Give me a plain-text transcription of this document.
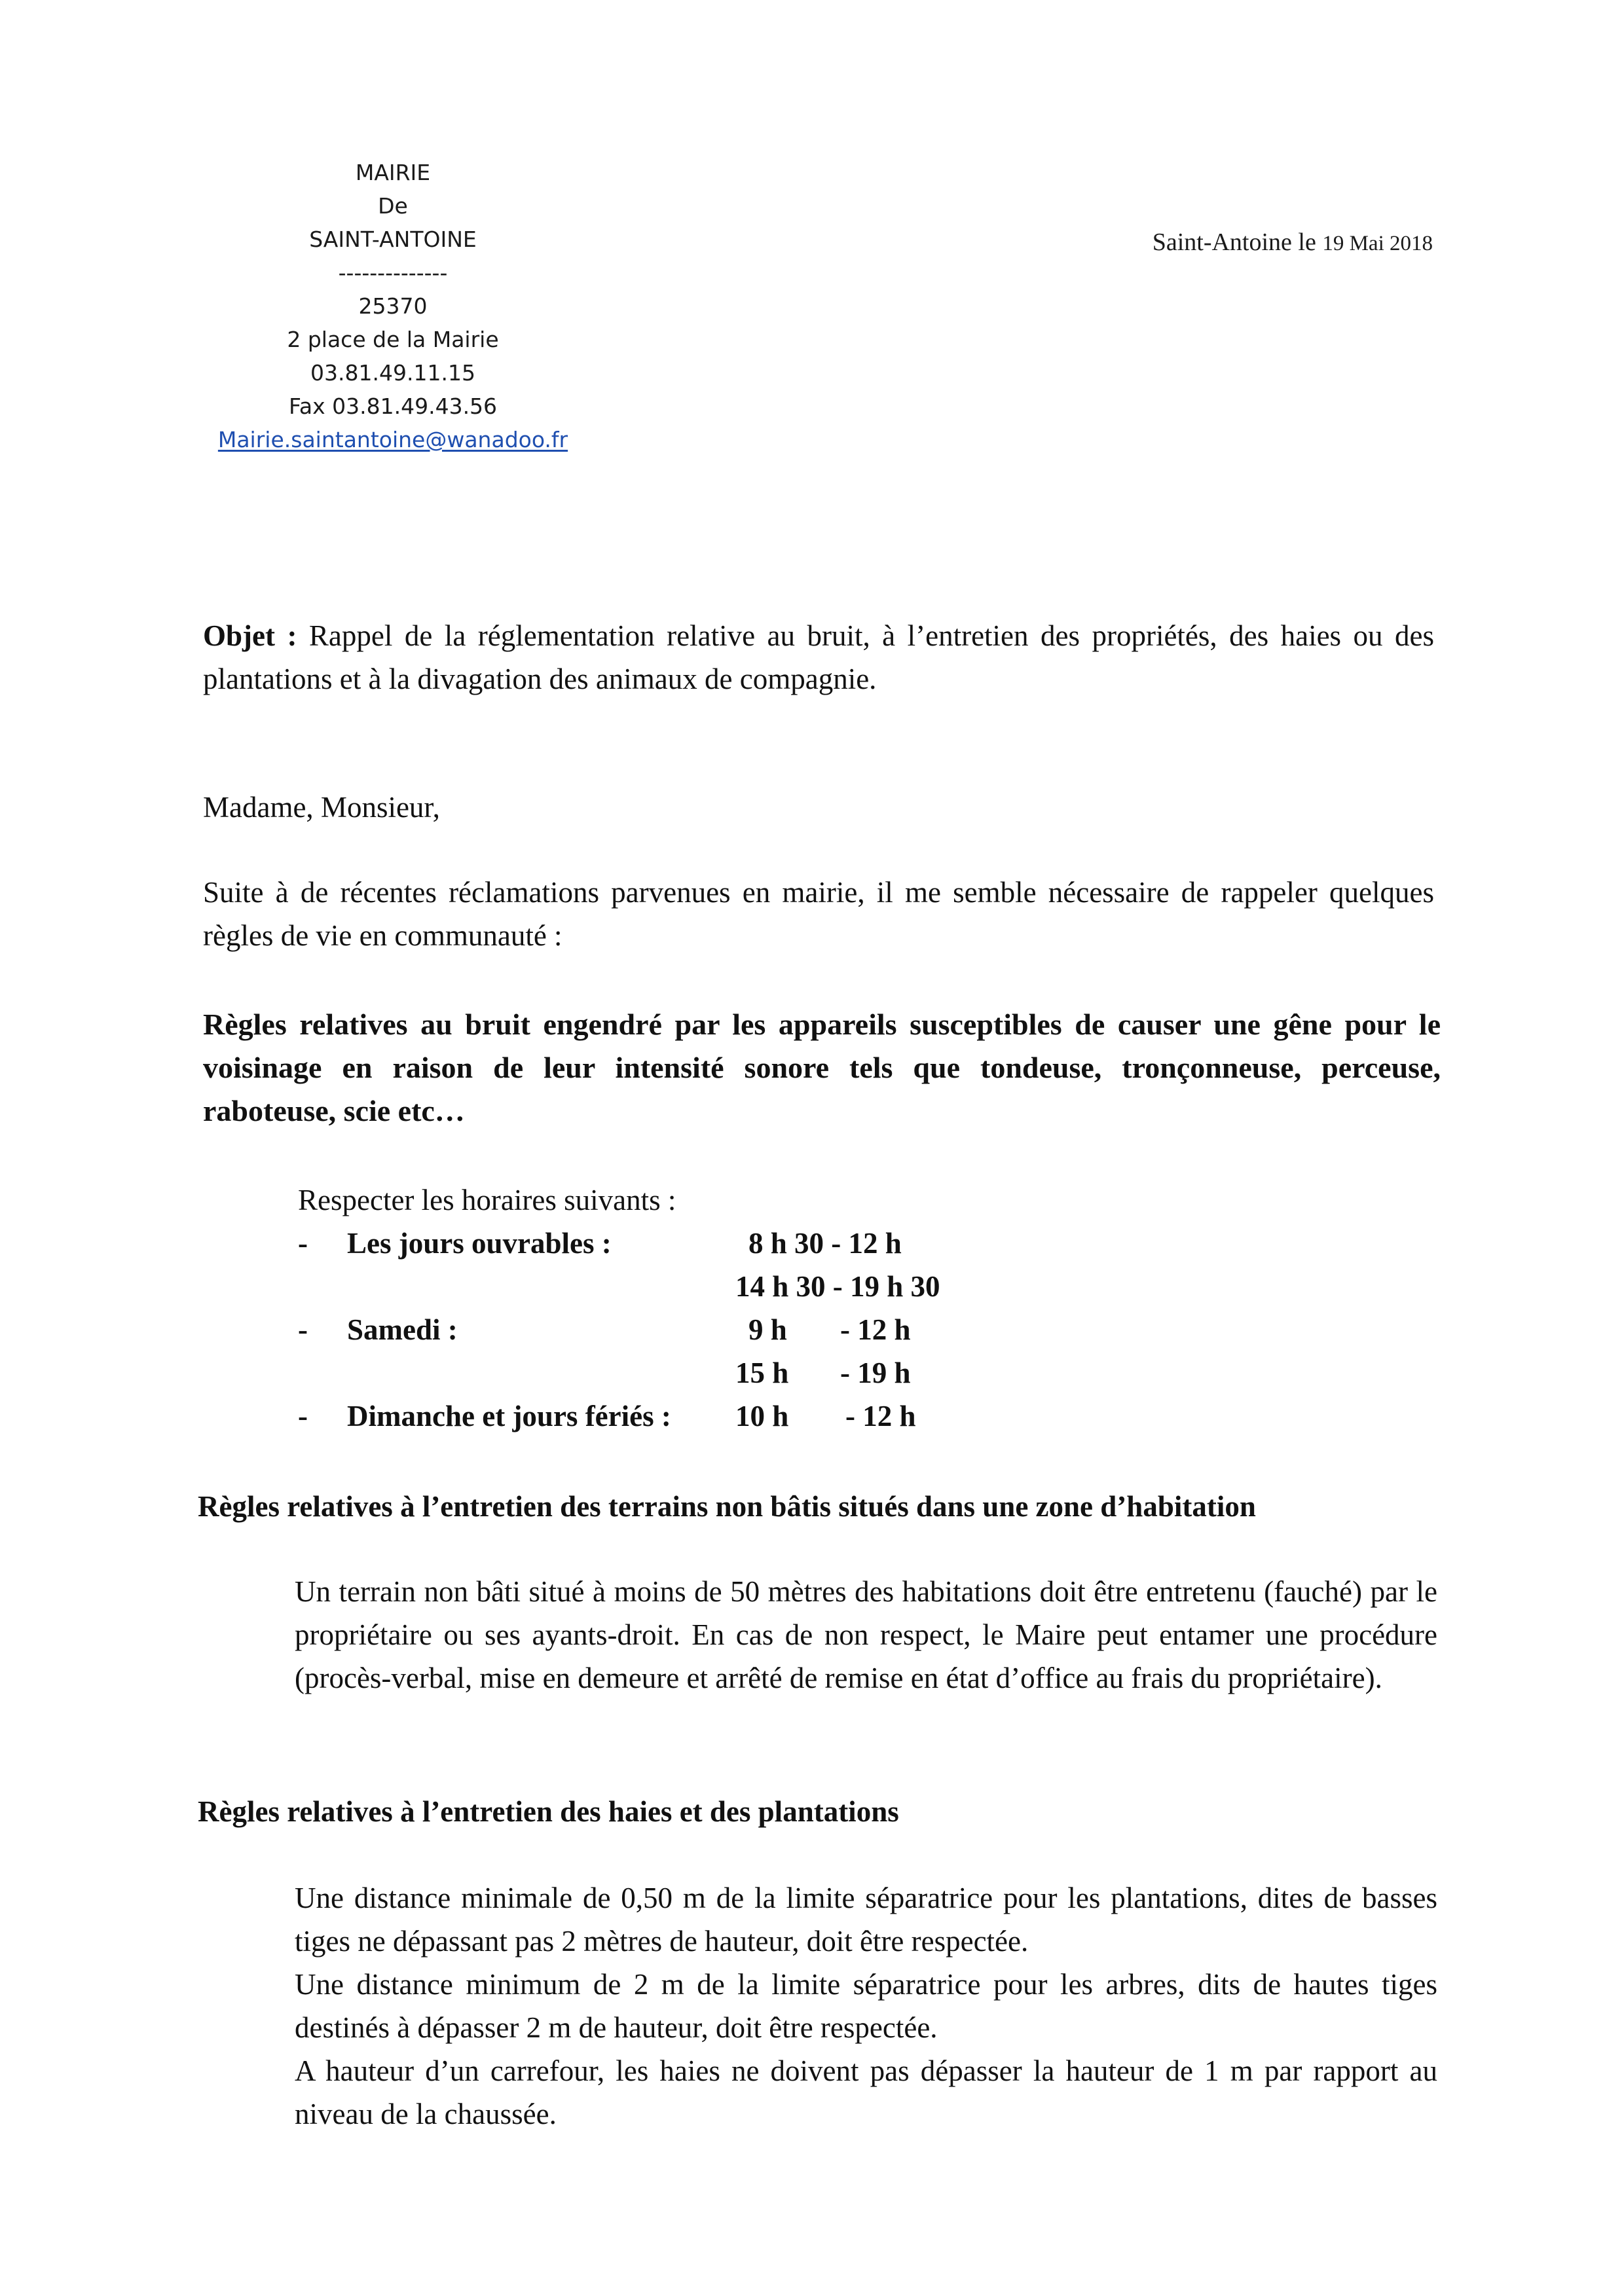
MAIRIE
De
SAINT-ANTOINE
--------------
25370
2 place de la Mairie
03.81.49.11.15
Fax 03.81.49.43.56
Mairie.saintantoine@wanadoo.fr
Saint-Antoine le 19 Mai 2018
Objet : Rappel de la réglementation relative au bruit, à l’entretien des propriétés, des haies ou des plantations et à la divagation des animaux de compagnie.
Madame, Monsieur,
Suite à de récentes réclamations parvenues en mairie, il me semble nécessaire de rappeler quelques règles de vie en communauté :
Règles relatives au bruit engendré par les appareils susceptibles de causer une gêne pour le voisinage en raison de leur intensité sonore tels que tondeuse, tronçonneuse, perceuse, raboteuse, scie etc…
Respecter les horaires suivants :
- Les jours ouvrables :	8 h 30 - 12 h
14 h 30 - 19 h 30
- Samedi :	9 h - 12 h
15 h - 19 h
- Dimanche et jours fériés : 10 h - 12 h
Règles relatives à l’entretien des terrains non bâtis situés dans une zone d’habitation
Un terrain non bâti situé à moins de 50 mètres des habitations doit être entretenu (fauché) par le propriétaire ou ses ayants-droit. En cas de non respect, le Maire peut entamer une procédure (procès-verbal, mise en demeure et arrêté de remise en état d’office au frais du propriétaire).
Règles relatives à l’entretien des haies et des plantations
Une distance minimale de 0,50 m de la limite séparatrice pour les plantations, dites de basses tiges ne dépassant pas 2 mètres de hauteur, doit être respectée.
Une distance minimum de 2 m de la limite séparatrice pour les arbres, dits de hautes tiges destinés à dépasser 2 m de hauteur, doit être respectée.
A hauteur d’un carrefour, les haies ne doivent pas dépasser la hauteur de 1 m par rapport au niveau de la chaussée.
